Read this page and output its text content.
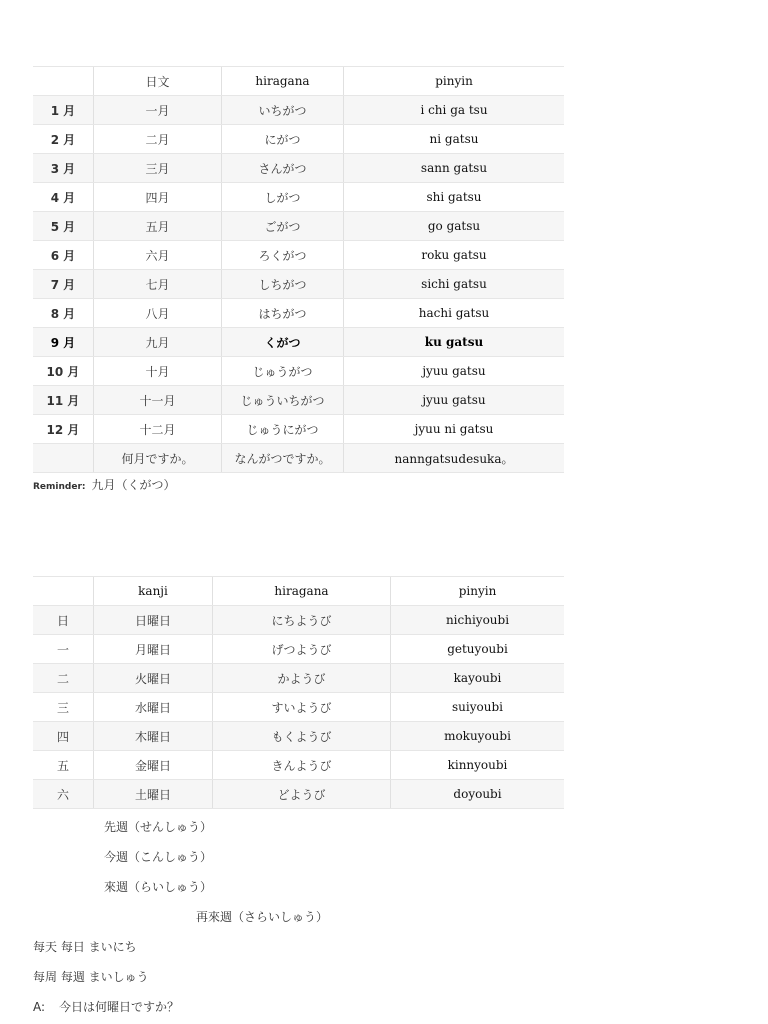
	日文	hiragana	pinyin
1 月	一月	いちがつ	i chi ga tsu
2 月	二月	にがつ	ni gatsu
3 月	三月	さんがつ	sann gatsu
4 月	四月	しがつ	shi gatsu
5 月	五月	ごがつ	go gatsu
6 月	六月	ろくがつ	roku gatsu
7 月	七月	しちがつ	sichi gatsu
8 月	八月	はちがつ	hachi gatsu
9 月	九月	くがつ	ku gatsu
10 月	十月	じゅうがつ	jyuu gatsu
11 月	十一月	じゅういちがつ	jyuu gatsu
12 月	十二月	じゅうにがつ	jyuu ni gatsu
	何月ですか。	なんがつですか。	nanngatsudesuka。
Reminder: 九月（くがつ）
	kanji	hiragana	pinyin
日	日曜日	にちようび	nichiyoubi
一	月曜日	げつようび	getuyoubi
二	火曜日	かようび	kayoubi
三	水曜日	すいようび	suiyoubi
四	木曜日	もくようび	mokuyoubi
五	金曜日	きんようび	kinnyoubi
六	土曜日	どようび	doyoubi
先週（せんしゅう）
今週（こんしゅう）
來週（らいしゅう）
再來週（さらいしゅう）
每天 每日 まいにち
每周 每週 まいしゅう
A: 今日は何曜日ですか？
